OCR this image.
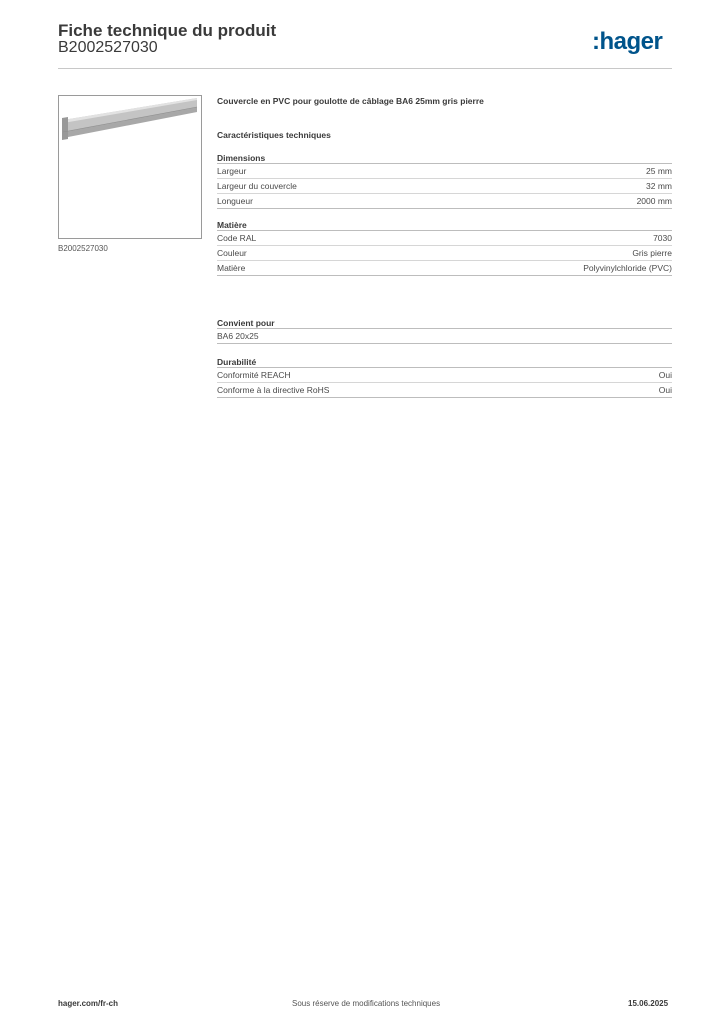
Fiche technique du produit
B2002527030	:hager
B2002527030
Couvercle en PVC pour goulotte de câblage BA6 25mm gris pierre
Caractéristiques techniques
Dimensions
Largeur	25 mm
Largeur du couvercle	32 mm
Longueur	2000 mm
Matière
Code RAL	7030
Couleur	Gris pierre
Matière	Polyvinylchloride (PVC)
Convient pour
BA6 20x25
Durabilité
Conformité REACH	Oui
Conforme à la directive RoHS	Oui
hager.com/fr-ch	Sous réserve de modifications techniques	15.06.2025
